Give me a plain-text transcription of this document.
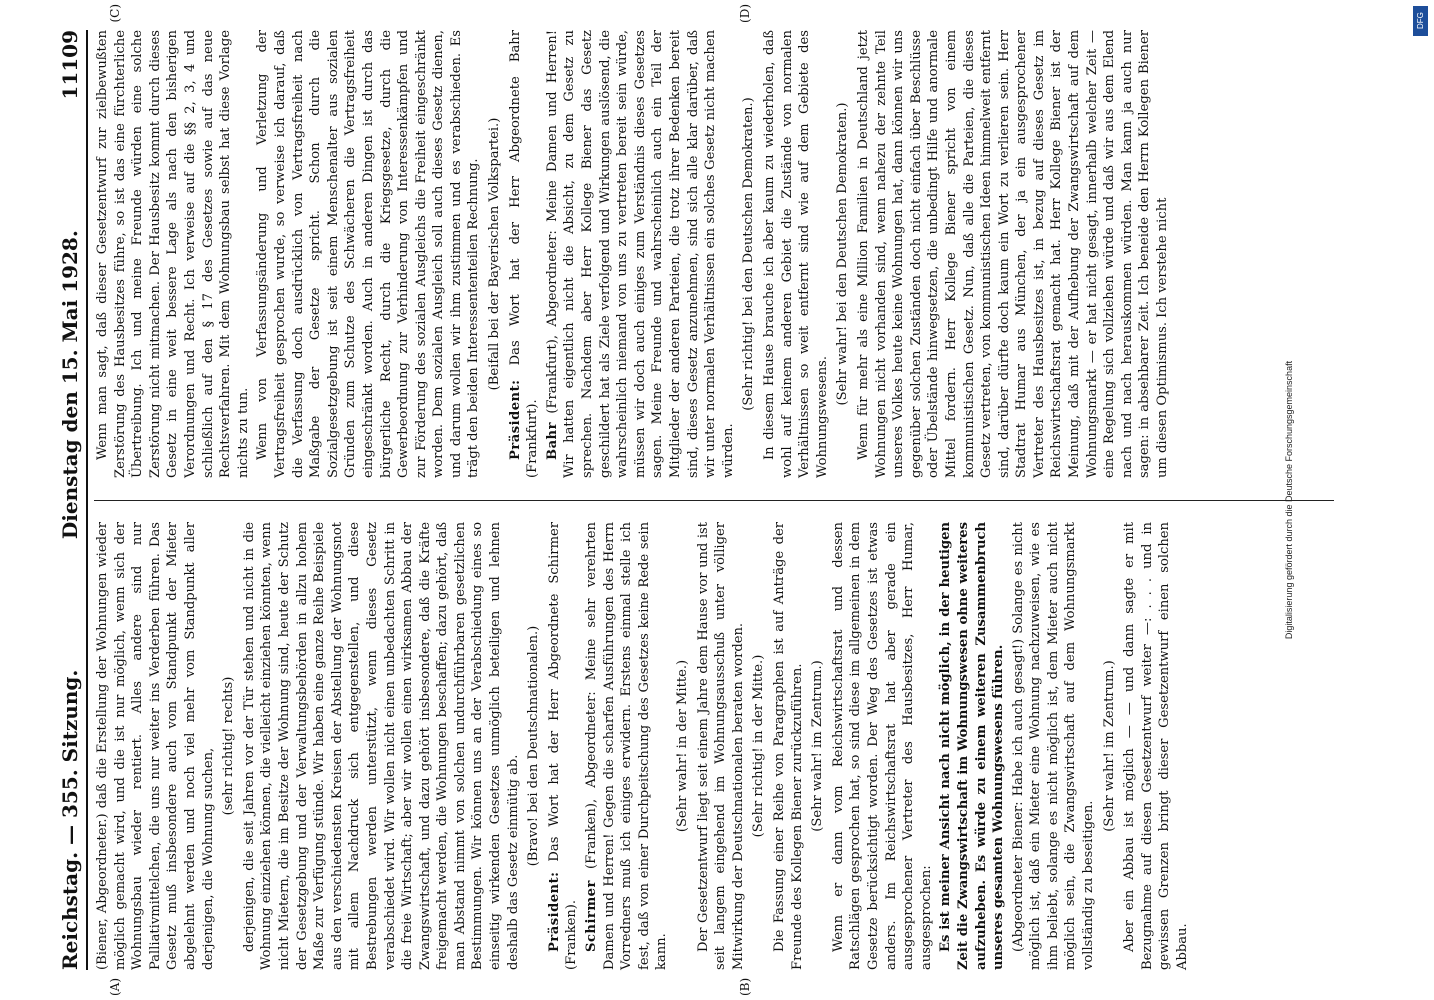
Reichstag. — 355. Sitzung.
Dienstag den 15. Mai 1928.
11109
(A)	(B)
(C)	(D)

(Biener, Abgeordneter.) daß die Erstellung der Wohnungen wieder möglich gemacht wird, und die ist nur möglich, wenn sich der Wohnungsbau wieder rentiert. Alles andere sind nur Palliativmittelchen, die uns nur weiter ins Verderben führen. Das Gesetz muß insbesondere auch vom Standpunkt der Mieter abgelehnt werden und noch viel mehr vom Standpunkt aller derjenigen, die Wohnung suchen,

(sehr richtig! rechts) derjenigen, die seit Jahren vor der Tür stehen und nicht in die Wohnung einziehen können, die vielleicht einziehen könnten, wenn nicht Mietern, die im Besitze der Wohnung sind, heute der Schutz der Gesetzgebung und der Verwaltungsbehörden in allzu hohem Maße zur Verfügung stünde. Wir haben eine ganze Reihe Beispiele aus den verschiedensten Kreisen der Abstellung der Wohnungsnot mit allem Nachdruck sich entgegenstellen, und diese Bestrebungen werden unterstützt, wenn dieses Gesetz verabschiedet wird. Wir wollen nicht einen unbedachten Schritt in die freie Wirtschaft; aber wir wollen einen wirksamen Abbau der Zwangswirtschaft, und dazu gehört insbesondere, daß die Kräfte freigemacht werden, die Wohnungen beschaffen; dazu gehört, daß man Abstand nimmt von solchen undurchführbaren gesetzlichen Bestimmungen. Wir können uns an der Verabschiedung eines so einseitig wirkenden Gesetzes unmöglich beteiligen und lehnen deshalb das Gesetz einmütig ab. (Bravo! bei den Deutschnationalen.)

Präsident: Das Wort hat der Herr Abgeordnete Schirmer (Franken). Schirmer (Franken), Abgeordneter: Meine sehr verehrten Damen und Herren! Gegen die scharfen Ausführungen des Herrn Vorredners muß ich einiges erwidern. Erstens einmal stelle ich fest, daß von einer Durchpeitschung des Gesetzes keine Rede sein kann.

(Sehr wahr! in der Mitte.) Der Gesetzentwurf liegt seit einem Jahre dem Hause vor und ist seit langem eingehend im Wohnungsausschuß unter völliger Mitwirkung der Deutschnationalen beraten worden. (Sehr richtig! in der Mitte.) Die Fassung einer Reihe von Paragraphen ist auf Anträge der Freunde des Kollegen Biener zurückzuführen. (Sehr wahr! im Zentrum.) Wenn er dann vom Reichswirtschaftsrat und dessen Ratschlägen gesprochen hat, so sind diese im allgemeinen in dem Gesetze berücksichtigt worden. Der Weg des Gesetzes ist etwas anders. Im Reichswirtschaftsrat hat aber gerade ein ausgesprochener Vertreter des Hausbesitzes, Herr Humar, ausgesprochen: Es ist meiner Ansicht nach nicht möglich, in der heutigen Zeit die Zwangswirtschaft im Wohnungswesen ohne weiteres aufzuheben. Es würde zu einem weiteren Zusammenbruch unseres gesamten Wohnungswesens führen. (Abgeordneter Biener: Habe ich auch gesagt!) Solange es nicht möglich ist, daß ein Mieter eine Wohnung nachzuweisen, wie es ihm beliebt, solange es nicht möglich ist, dem Mieter auch nicht möglich sein, die Zwangswirtschaft auf dem Wohnungsmarkt vollständig zu beseitigen.

(Sehr wahr! im Zentrum.) Aber ein Abbau ist möglich — — und dann sagte er mit Bezugnahme auf diesen Gesetzentwurf weiter —: . . . und in gewissen Grenzen bringt dieser Gesetzentwurf einen solchen Abbau.

Wenn man sagt, daß dieser Gesetzentwurf zur zielbewußten Zerstörung des Hausbesitzes führe, so ist das eine fürchterliche Übertreibung. Ich und meine Freunde würden eine solche Zerstörung nicht mitmachen. Der Hausbesitz kommt durch dieses Gesetz in eine weit bessere Lage als nach den bisherigen Verordnungen und Recht. Ich verweise auf die §§ 2, 3, 4 und schließlich auf den § 17 des Gesetzes sowie auf das neue Rechtsverfahren. Mit dem Wohnungsbau selbst hat diese Vorlage nichts zu tun. Wenn von Verfassungsänderung und Verletzung der Vertragsfreiheit gesprochen wurde, so verweise ich darauf, daß die Verfassung doch ausdrücklich von Vertragsfreiheit nach Maßgabe der Gesetze spricht. Schon durch die Sozialgesetzgebung ist seit einem Menschenalter aus sozialen Gründen zum Schutze des Schwächeren die Vertragsfreiheit eingeschränkt worden. Auch in anderen Dingen ist durch das bürgerliche Recht, durch die Kriegsgesetze, durch die Gewerbeordnung zur Verhinderung von Interessenkämpfen und zur Förderung des sozialen Ausgleichs die Freiheit eingeschränkt worden. Dem sozialen Ausgleich soll auch dieses Gesetz dienen, und darum wollen wir ihm zustimmen und es verabschieden. Es trägt den beiden Interessententeilen Rechnung. (Beifall bei der Bayerischen Volkspartei.)

Präsident: Das Wort hat der Herr Abgeordnete Bahr (Frankfurt). Bahr (Frankfurt), Abgeordneter: Meine Damen und Herren! Wir hatten eigentlich nicht die Absicht, zu dem Gesetz zu sprechen. Nachdem aber Herr Kollege Biener das Gesetz geschildert hat als Ziele verfolgend und Wirkungen auslösend, die wahrscheinlich niemand von uns zu vertreten bereit sein würde, müssen wir doch auch einiges zum Verständnis dieses Gesetzes sagen. Meine Freunde und wahrscheinlich auch ein Teil der Mitglieder der anderen Parteien, die trotz ihrer Bedenken bereit sind, dieses Gesetz anzunehmen, sind sich alle klar darüber, daß wir unter normalen Verhältnissen ein solches Gesetz nicht machen würden.

(Sehr richtig! bei den Deutschen Demokraten.) In diesem Hause brauche ich aber kaum zu wiederholen, daß wohl auf keinem anderen Gebiet die Zustände von normalen Verhältnissen so weit entfernt sind wie auf dem Gebiete des Wohnungswesens.

(Sehr wahr! bei den Deutschen Demokraten.) Wenn für mehr als eine Million Familien in Deutschland jetzt Wohnungen nicht vorhanden sind, wenn nahezu der zehnte Teil unseres Volkes heute keine Wohnungen hat, dann können wir uns gegenüber solchen Zuständen doch nicht einfach über Beschlüsse oder Übelstände hinwegsetzen, die unbedingt Hilfe und anormale Mittel fordern. Herr Kollege Biener spricht von einem kommunistischen Gesetz. Nun, daß alle die Parteien, die dieses Gesetz vertreten, von kommunistischen Ideen himmelweit entfernt sind, darüber dürfte doch kaum ein Wort zu verlieren sein. Herr Stadtrat Humar aus München, der ja ein ausgesprochener Vertreter des Hausbesitzes ist, in bezug auf dieses Gesetz im Reichswirtschaftsrat gemacht hat. Herr Kollege Biener ist der Meinung, daß mit der Aufhebung der Zwangswirtschaft auf dem Wohnungsmarkt — er hat nicht gesagt, innerhalb welcher Zeit — eine Regelung sich vollziehen würde und daß wir aus dem Elend nach und nach herauskommen würden. Man kann ja auch nur sagen: in absehbarer Zeit. Ich beneide den Herrn Kollegen Biener um diesen Optimismus. Ich verstehe nicht

DFG
Digitalisierung gefördert durch die Deutsche Forschungsgemeinschaft
